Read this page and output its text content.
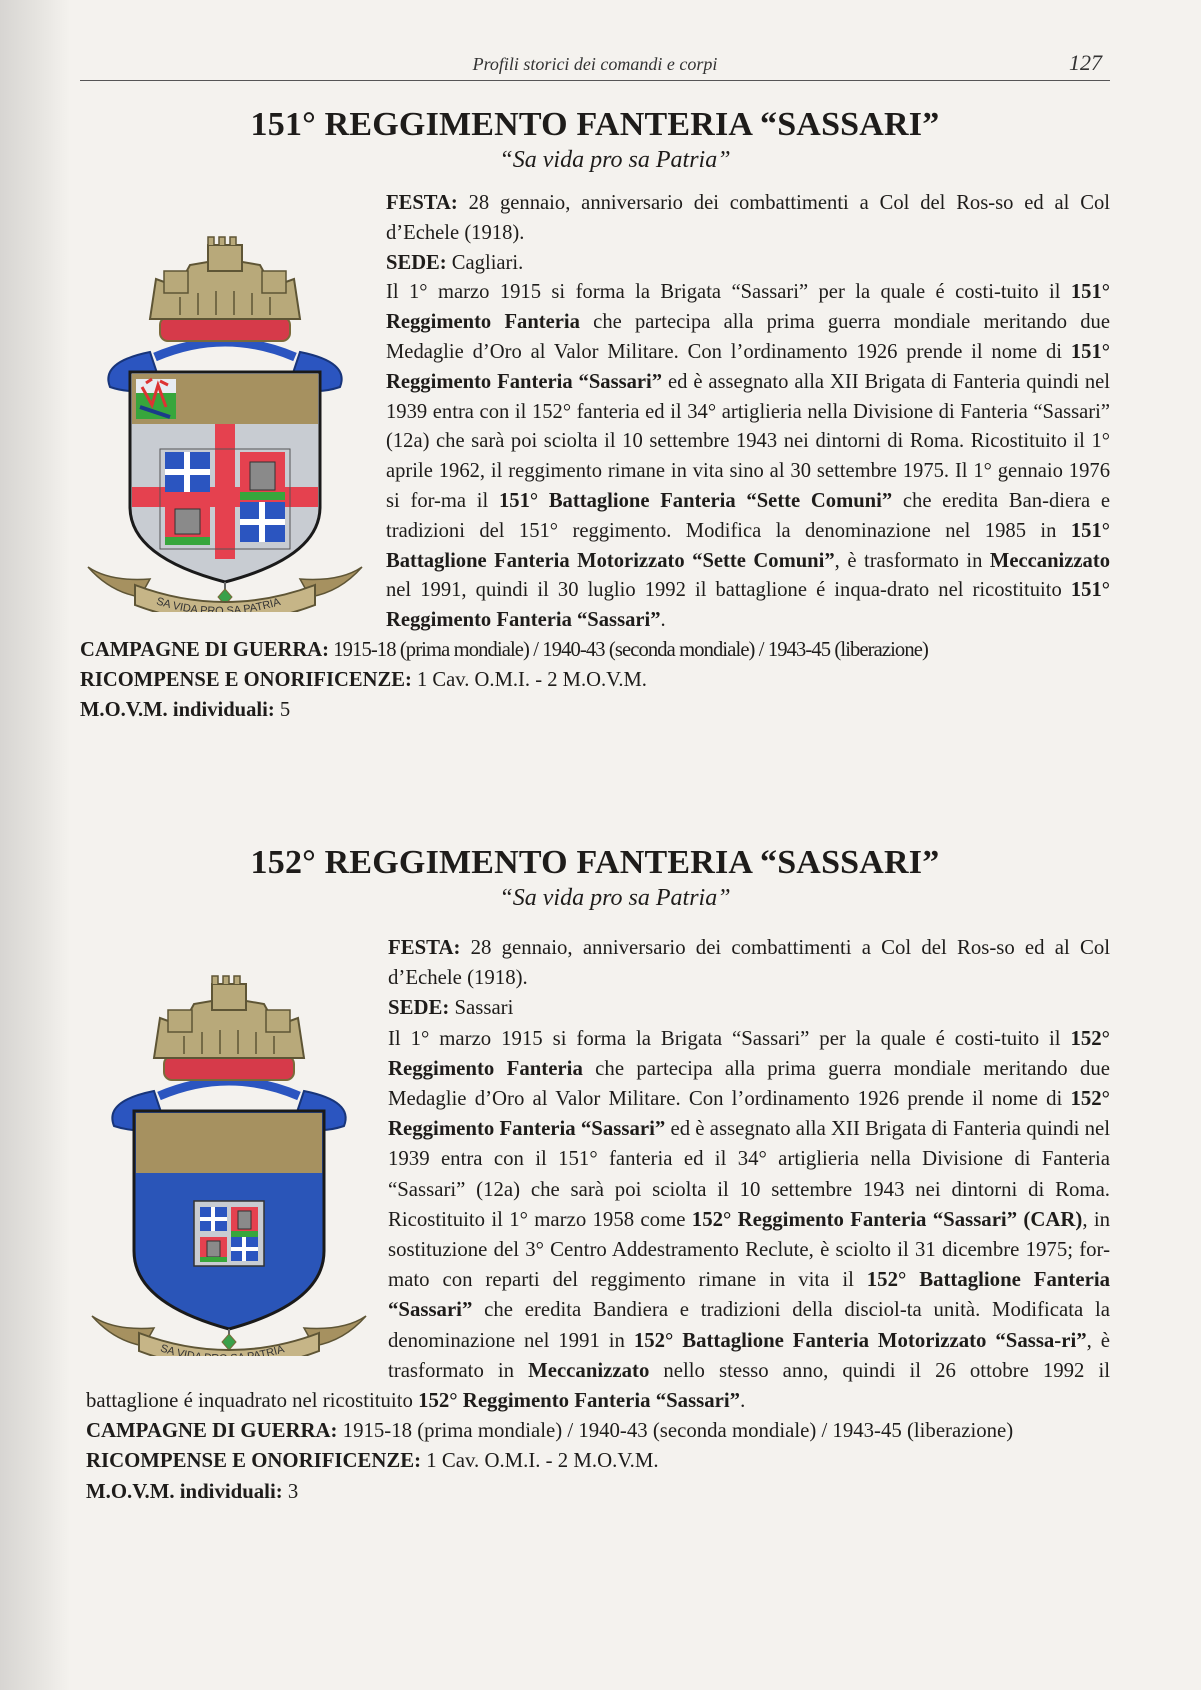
Profili storici dei comandi e corpi	127
151° REGGIMENTO FANTERIA “SASSARI”

“Sa vida pro sa Patria”

SA VIDA PRO SA PATRIA

FESTA: 28 gennaio, anniversario dei combattimenti a Col del Ros-so ed al Col d’Echele (1918).
SEDE: Cagliari.
Il 1° marzo 1915 si forma la Brigata “Sassari” per la quale é costi-tuito il 151° Reggimento Fanteria che partecipa alla prima guerra mondiale meritando due Medaglie d’Oro al Valor Militare. Con l’ordinamento 1926 prende il nome di 151° Reggimento Fanteria “Sassari” ed è assegnato alla XII Brigata di Fanteria quindi nel 1939 entra con il 152° fanteria ed il 34° artiglieria nella Divisione di Fanteria “Sassari” (12a) che sarà poi sciolta il 10 settembre 1943 nei dintorni di Roma. Ricostituito il 1° aprile 1962, il reggimento rimane in vita sino al 30 settembre 1975. Il 1° gennaio 1976 si for-ma il 151° Battaglione Fanteria “Sette Comuni” che eredita Ban-diera e tradizioni del 151° reggimento. Modifica la denominazione nel 1985 in 151° Battaglione Fanteria Motorizzato “Sette Comuni”, è trasformato in Meccanizzato nel 1991, quindi il 30 luglio 1992 il battaglione é inqua-drato nel ricostituito 151° Reggimento Fanteria “Sassari”.

CAMPAGNE DI GUERRA: 1915-18 (prima mondiale) / 1940-43 (seconda mondiale) / 1943-45 (liberazione)

RICOMPENSE E ONORIFICENZE: 1 Cav. O.M.I. - 2 M.O.V.M.

M.O.V.M. individuali: 5

152° REGGIMENTO FANTERIA “SASSARI”

“Sa vida pro sa Patria”

SA VID ATRIA

FESTA: 28 gennaio, anniversario dei combattimenti a Col del Ros-so ed al Col d’Echele (1918).
SEDE: Sassari
Il 1° marzo 1915 si forma la Brigata “Sassari” per la quale é costi-tuito il 152° Reggimento Fanteria che partecipa alla prima guerra mondiale meritando due Medaglie d’Oro al Valor Militare. Con l’ordinamento 1926 prende il nome di 152° Reggimento Fanteria “Sassari” ed è assegnato alla XII Brigata di Fanteria quindi nel 1939 entra con il 151° fanteria ed il 34° artiglieria nella Divisione di Fanteria “Sassari” (12a) che sarà poi sciolta il 10 settembre 1943 nei dintorni di Roma. Ricostituito il 1° marzo 1958 come 152° Reggimento Fanteria “Sassari” (CAR), in sostituzione del 3° Centro Addestramento Reclute, è sciolto il 31 dicembre 1975; for-mato con reparti del reggimento rimane in vita il 152° Battaglione Fanteria “Sassari” che eredita Bandiera e tradizioni della disciol-ta unità. Modificata la denominazione nel 1991 in 152° Battaglione Fanteria Motorizzato “Sassa-ri”, è trasformato in Meccanizzato nello stesso anno, quindi il 26 ottobre 1992 il battaglione é inquadrato nel ricostituito 152° Reggimento Fanteria “Sassari”.

CAMPAGNE DI GUERRA: 1915-18 (prima mondiale) / 1940-43 (seconda mondiale) / 1943-45 (liberazione)

RICOMPENSE E ONORIFICENZE: 1 Cav. O.M.I. - 2 M.O.V.M.

M.O.V.M. individuali: 3
